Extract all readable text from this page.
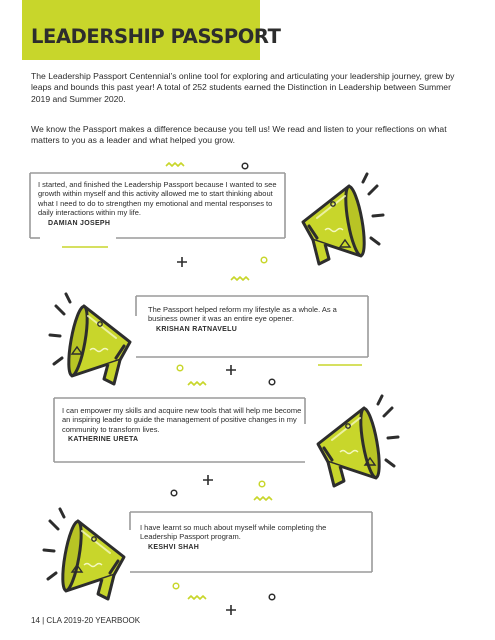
LEADERSHIP PASSPORT

The Leadership Passport Centennial’s online tool for exploring and articulating your leadership journey, grew by leaps and bounds this past year! A total of 252 students earned the Distinction in Leadership between Summer 2019 and Summer 2020.

We know the Passport makes a difference because you tell us! We read and listen to your reflections on what matters to you as a leader and what helped you grow.

I started, and finished the Leadership Passport because I wanted to see growth within myself and this activity allowed me to start thinking about what I need to do to strengthen my emotional and mental responses to daily interactions within my life.

DAMIAN JOSEPH

The Passport helped reform my lifestyle as a whole. As a business owner it was an entire eye opener.

KRISHAN RATNAVELU

I can empower my skills and acquire new tools that will help me become an inspiring leader to guide the management of positive changes in my community to transform lives.

KATHERINE URETA

I have learnt so much about myself while completing the Leadership Passport program.

KESHVI SHAH

14 | CLA 2019-20 YEARBOOK
